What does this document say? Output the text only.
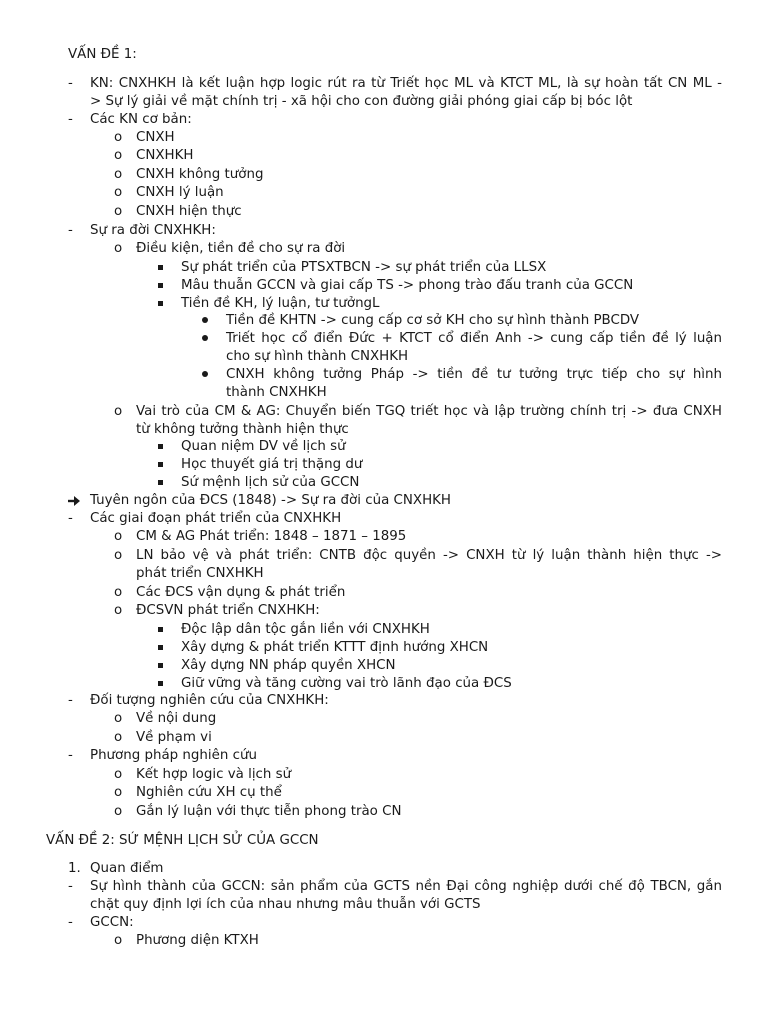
VẤN ĐỀ 1:
- KN: CNXHKH là kết luận hợp logic rút ra từ Triết học ML và KTCT ML, là sự hoàn tất CN ML -
> Sự lý giải về mặt chính trị - xã hội cho con đường giải phóng giai cấp bị bóc lột
- Các KN cơ bản:
o CNXH
o CNXHKH
o CNXH không tưởng
o CNXH lý luận
o CNXH hiện thực
- Sự ra đời CNXHKH:
o Điều kiện, tiền đề cho sự ra đời
Sự phát triển của PTSXTBCN -> sự phát triển của LLSX
Mâu thuẫn GCCN và giai cấp TS -> phong trào đấu tranh của GCCN
Tiền đề KH, lý luận, tư tưởngL
Tiền đề KHTN -> cung cấp cơ sở KH cho sự hình thành PBCDV
Triết học cổ điển Đức + KTCT cổ điển Anh -> cung cấp tiền đề lý luận
cho sự hình thành CNXHKH
CNXH không tưởng Pháp -> tiền đề tư tưởng trực tiếp cho sự hình
thành CNXHKH
o Vai trò của CM & AG: Chuyển biến TGQ triết học và lập trường chính trị -> đưa CNXH
từ không tưởng thành hiện thực
Quan niệm DV về lịch sử
Học thuyết giá trị thặng dư
Sứ mệnh lịch sử của GCCN
Tuyên ngôn của ĐCS (1848) -> Sự ra đời của CNXHKH
- Các giai đoạn phát triển của CNXHKH
o CM & AG Phát triển: 1848 – 1871 – 1895
o LN bảo vệ và phát triển: CNTB độc quyền -> CNXH từ lý luận thành hiện thực ->
phát triển CNXHKH
o Các ĐCS vận dụng & phát triển
o ĐCSVN phát triển CNXHKH:
Độc lập dân tộc gắn liền với CNXHKH
Xây dựng & phát triển KTTT định hướng XHCN
Xây dựng NN pháp quyền XHCN
Giữ vững và tăng cường vai trò lãnh đạo của ĐCS
- Đối tượng nghiên cứu của CNXHKH:
o Về nội dung
o Về phạm vi
- Phương pháp nghiên cứu
o Kết hợp logic và lịch sử
o Nghiên cứu XH cụ thể
o Gắn lý luận với thực tiễn phong trào CN
VẤN ĐỀ 2: SỨ MỆNH LỊCH SỬ CỦA GCCN
1. Quan điểm
- Sự hình thành của GCCN: sản phẩm của GCTS nền Đại công nghiệp dưới chế độ TBCN, gắn
chặt quy định lợi ích của nhau nhưng mâu thuẫn với GCTS
- GCCN:
o Phương diện KTXH
